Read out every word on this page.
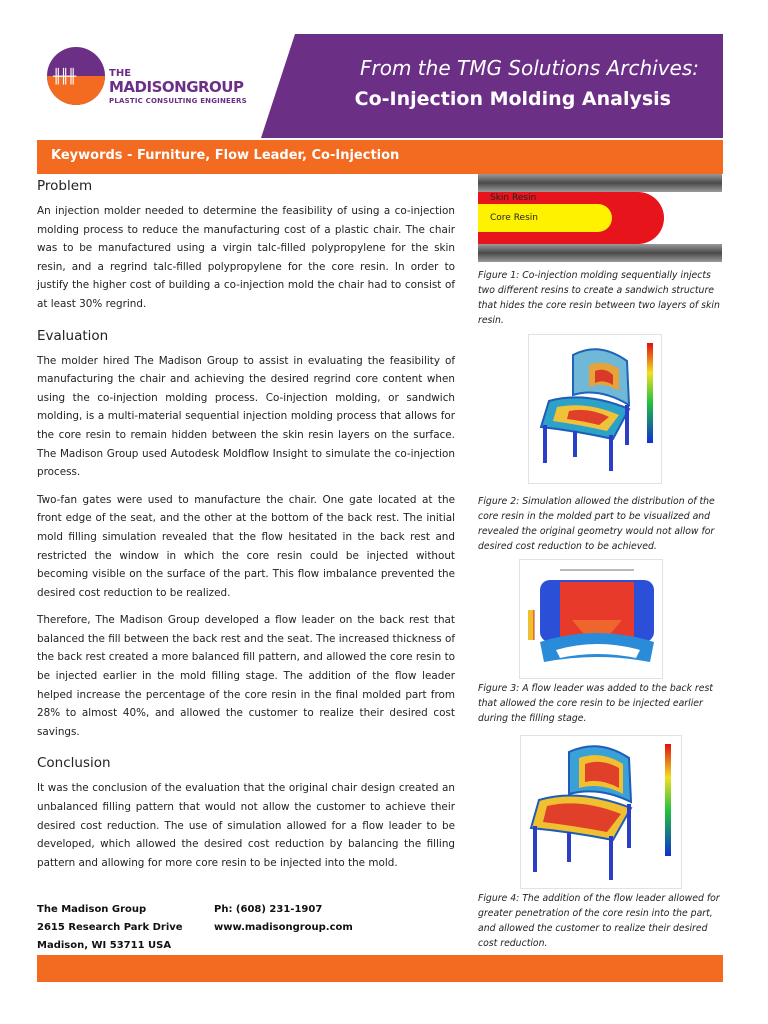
╫╫╫	THE
MADISONGROUP
PLASTIC CONSULTING ENGINEERS
From the TMG Solutions Archives:
Co-Injection Molding Analysis
Keywords - Furniture, Flow Leader, Co-Injection
Problem

An injection molder needed to determine the feasibility of using a co-injection molding process to reduce the manufacturing cost of a plastic chair. The chair was to be manufactured using a virgin talc-filled polypropylene for the skin resin, and a regrind talc-filled polypropylene for the core resin. In order to justify the higher cost of building a co-injection mold the chair had to consist of at least 30% regrind.

Evaluation

The molder hired The Madison Group to assist in evaluating the feasibility of manufacturing the chair and achieving the desired regrind core content when using the co-injection molding process. Co-injection molding, or sandwich molding, is a multi-material sequential injection molding process that allows for the core resin to remain hidden between the skin resin layers on the surface. The Madison Group used Autodesk Moldflow Insight to simulate the co-injection process.

Two-fan gates were used to manufacture the chair. One gate located at the front edge of the seat, and the other at the bottom of the back rest. The initial mold filling simulation revealed that the flow hesitated in the back rest and restricted the window in which the core resin could be injected without becoming visible on the surface of the part. This flow imbalance prevented the desired cost reduction to be realized.

Therefore, The Madison Group developed a flow leader on the back rest that balanced the fill between the back rest and the seat. The increased thickness of the back rest created a more balanced fill pattern, and allowed the core resin to be injected earlier in the mold filling stage. The addition of the flow leader helped increase the percentage of the core resin in the final molded part from 28% to almost 40%, and allowed the customer to realize their desired cost savings.

Conclusion

It was the conclusion of the evaluation that the original chair design created an unbalanced filling pattern that would not allow the customer to achieve their desired cost reduction. The use of simulation allowed for a flow leader to be developed, which allowed the desired cost reduction by balancing the filling pattern and allowing for more core resin to be injected into the mold.

The Madison Group
2615 Research Park Drive
Madison, WI 53711 USA
Ph: (608) 231-1907
www.madisongroup.com
Skin Resin
Core Resin
Figure 1: Co-injection molding sequentially injects two different resins to create a sandwich structure that hides the core resin between two layers of skin resin.
Figure 2: Simulation allowed the distribution of the core resin in the molded part to be visualized and revealed the original geometry would not allow for desired cost reduction to be achieved.
Figure 3: A flow leader was added to the back rest that allowed the core resin to be injected earlier during the filling stage.
Figure 4: The addition of the flow leader allowed for greater penetration of the core resin into the part, and allowed the customer to realize their desired cost reduction.
